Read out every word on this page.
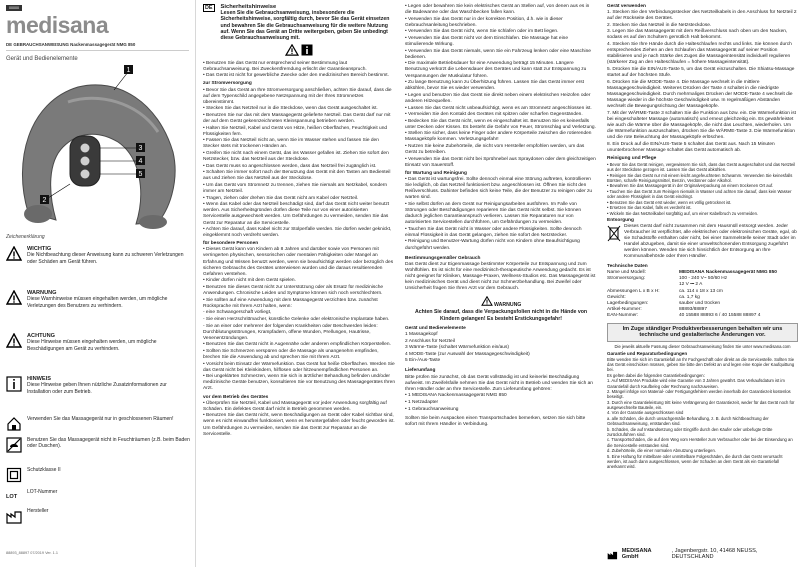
00000
medisana
DE GEBRAUCHSANWEISUNG Nackenmassagegerät NMG 850
Gerät und Bedienelemente
1
3
4
5
2
Zeichenerklärung
WICHTIG
Die Nichtbeachtung dieser Anweisung kann zu schweren Verletzungen oder Schäden am Gerät führen.
WARNUNG
Diese Warnhinweise müssen eingehalten werden, um mögliche Verletzungen des Benutzers zu verhindern.
ACHTUNG
Diese Hinweise müssen eingehalten werden, um mögliche Beschädigungen am Gerät zu verhindern.
HINWEIS
Diese Hinweise geben Ihnen nützliche Zusatzinformationen zur Installation oder zum Betrieb.
Verwenden Sie das Massagegerät nur in geschlossenen Räumen!
Benutzen Sie das Massagegerät nicht in Feuchträumen (z.B. beim Baden oder Duschen).
Schutzklasse II
LOT
LOT-Nummer
Hersteller
88893_88897 07/2019 Ver. 1.1
DE	Sicherheitshinweise
Lesen Sie die Gebrauchsanweisung, insbesondere die Sicherheitshinweise, sorgfältig durch, bevor Sie das Gerät einsetzen und bewahren Sie die Gebrauchsanweisung für die weitere Nutzung auf. Wenn Sie das Gerät an Dritte weitergeben, geben Sie unbedingt diese Gebrauchsanweisung mit.

• Benutzen Sie das Gerät nur entsprechend seiner Bestimmung laut Gebrauchsanweisung. Bei Zweckentfremdung erlischt der Garantieanspruch.

• Das Gerät ist nicht für gewerbliche Zwecke oder den medizinischen Bereich bestimmt.

zur Stromversorgung

• Bevor Sie das Gerät an Ihre Stromversorgung anschließen, achten Sie darauf, dass die auf dem Typenschild angegebene Netzspannung mit der Ihres Stromnetzes übereinstimmt.

• Stecken Sie das Netzteil nur in die Steckdose, wenn das Gerät ausgeschaltet ist.

• Benutzen Sie nur das mit dem Massagegerät gelieferte Netzteil. Das Gerät darf nur mit der auf dem Gerät gekennzeichneten Kleinspannung betrieben werden.

• Halten Sie Netzteil, Kabel und Gerät von Hitze, heißen Oberflächen, Feuchtigkeit und Flüssigkeiten fern.

• Fassen Sie das Netzteil nicht an, wenn Sie im Wasser stehen und fassen Sie den Stecker stets mit trockenen Händen an.

• Greifen Sie nicht nach einem Gerät, das ins Wasser gefallen ist. Ziehen Sie sofort den Netzstecker, bzw. das Netzteil aus der Steckdose.

• Das Gerät muss so angeschlossen werden, dass das Netzteil frei zugänglich ist.

• Schalten Sie immer sofort nach der Benutzung das Gerät mit den Tasten am Bedienteil aus und ziehen Sie das Netzteil aus der Steckdose.

• Um das Gerät vom Stromnetz zu trennen, ziehen Sie niemals am Netzkabel, sondern immer am Netzteil.

• Tragen, ziehen oder drehen Sie das Gerät nicht am Kabel oder Netzteil.

• Wenn das Kabel oder das Netzteil beschädigt sind, darf das Gerät nicht weiter benutzt werden. Aus Sicherheitsgründen dürfen diese Teile nur von einer autorisierten Servicestelle ausgewechselt werden. Um Gefährdungen zu vermeiden, senden Sie das Gerät zur Reparatur an die Servicestelle.

• Achten Sie darauf, dass Kabel nicht zur Stolperfalle werden. Sie dürfen weder geknickt, eingeklemmt noch verdreht werden.

für besondere Personen

• Dieses Gerät kann von Kindern ab 8 Jahren und darüber sowie von Personen mit verringerten physischen, sensorischen oder mentalen Fähigkeiten oder Mangel an Erfahrung und Wissen benutzt werden, wenn sie beaufsichtigt werden oder bezüglich des sicheren Gebrauchs des Gerätes unterwiesen wurden und die daraus resultierenden Gefahren verstehen.

• Kinder dürfen nicht mit dem Gerät spielen.

• Benutzen Sie dieses Gerät nicht zur Unterstützung oder als Ersatz für medizinische Anwendungen. Chronische Leiden und Symptome können sich noch verschlechtern.

• Sie sollten auf eine Anwendung mit dem Massagegerät verzichten bzw. zunächst Rücksprache mit Ihrem Arzt halten, wenn:

- eine Schwangerschaft vorliegt,

- Sie einen Herzschrittmacher, künstliche Gelenke oder elektronische Implantate haben.

- Sie an einer oder mehrerer der folgenden Krankheiten oder Beschwerden leiden: Durchblutungsstörungen, Krampfadern, offene Wunden, Prellungen, Hautrisse, Venenentzündungen.

• Benutzen Sie das Gerät nicht in Augennähe oder anderen empfindlichen Körperstellen.

• Sollten Sie Schmerzen verspüren oder die Massage als unangenehm empfinden, brechen Sie die Anwendung ab und sprechen Sie mit Ihrem Arzt.

• Vorsicht beim Einsatz der Wärmefunktion. Das Gerät hat heiße Oberflächen. Werden Sie das Gerät nicht bei Kleinkindern, hilflosen oder hitzeunempfindlichen Personen an.

• Bei ungeklärten Schmerzen, wenn Sie sich in ärztlicher Behandlung befinden und/oder medizinische Geräte benutzen, konsultieren Sie vor Benutzung des Massagegerätes Ihren Arzt.

vor dem Betrieb des Gerätes

• Überprüfen Sie Netzteil, Kabel und Massagegerät vor jeder Anwendung sorgfältig auf Schäden. Ein defektes Gerät darf nicht in Betrieb genommen werden.

• Benutzen Sie das Gerät nicht, wenn Beschädigungen an Gerät oder Kabel sichtbar sind, wenn es nicht einwandfrei funktioniert, wenn es heruntergefallen oder feucht geworden ist. Um Gefährdungen zu vermeiden, senden Sie das Gerät zur Reparatur an die Servicestelle.

• Legen oder bewahren Sie kein elektrisches Gerät an Stellen auf, von denen aus es in die Badewanne oder das Waschbecken fallen kann.

• Verwenden Sie das Gerät nur in der korrekten Position, d.h. wie in dieser Gebrauchsanleitung beschrieben.

• Verwenden Sie das Gerät nicht, wenn Sie schlafen oder im Bett liegen.

• Verwenden Sie das Gerät nicht vor dem Einschlafen. Die Massage hat eine stimulierende Wirkung.

• Verwenden Sie das Gerät niemals, wenn Sie ein Fahrzeug lenken oder eine Maschine bedienen.

• Die maximale Betriebsdauer für eine Anwendung beträgt 15 Minuten. Längere Benutzung verkürzt die Lebensdauer des Gerätes und kann statt zur Entspannung zu Verspannungen der Muskulatur führen.

• Zu lange Benutzung kann zu Überhitzung führen. Lassen Sie das Gerät immer erst abkühlen, bevor Sie es wieder verwenden.

• Legen und benutzen Sie das Gerät nie direkt neben einem elektrischen Heizofen oder anderen Hitzequellen.

• Lassen Sie das Gerät nicht unbeaufsichtigt, wenn es am Stromnetz angeschlossen ist.

• Vermeiden Sie den Kontakt des Gerätes mit spitzen oder scharfen Gegenständen.

• Bedecken Sie das Gerät nicht, wenn es eingeschaltet ist. Benutzen Sie es keinesfalls unter Decken oder Kissen. Es besteht die Gefahr von Feuer, Stromschlag und Verletzung.

• Stellen Sie sicher, dass keine Finger oder andere Körperteile zwischen die rotierenden Massageköpfe kommen. Verletzungsgefahr!

• Nutzen Sie keine Zubehörteile, die nicht vom Hersteller empfohlen werden, um das Gerät zu betreiben.

• Verwenden Sie das Gerät nicht bei Sprühnebel aus Spraydosen oder dem gleichzeitigen Einsatz von Sauerstoff.

für Wartung und Reinigung

• Das Gerät ist wartungsfrei. Sollte dennoch einmal eine Störung auftreten, kontrollieren Sie lediglich, ob das Netzteil funktioniert bzw. angeschlossen ist. Öffnen Sie nicht den Reißverschluss. Dahinter befinden sich keine Teile, die der Benutzer zu reinigen oder zu warten sind.

• Sie selbst dürfen an dem Gerät nur Reinigungsarbeiten ausführen. Im Falle von Störungen oder Beschädigungen reparieren Sie das Gerät nicht selbst. Sie können dadurch jeglichen Garantieanspruch verlieren. Lassen Sie Reparaturen nur von autorisierten Servicestellen durchführen, um Gefährdungen zu vermeiden.

• Tauchen Sie das Gerät nicht in Wasser oder andere Flüssigkeiten. Sollte dennoch einmal Flüssigkeit in das Gerät gelangen, ziehen Sie sofort den Netzstecker.

• Reinigung und Benutzer-Wartung dürfen nicht von Kindern ohne Beaufsichtigung durchgeführt werden.

Bestimmungsgemäßer Gebrauch

Das Gerät dient zur Eigenmassage bestimmter Körperteile zur Entspannung und zum Wohlfühlen. Es ist nicht für eine medizinisch-therapeutische Anwendung gedacht. Es ist nicht geeignet für Kliniken, Massage-Praxen, Wellness-Studios etc. Das Massagegerät ist kein medizinisches Gerät und dient nicht zur Schmerzbehandlung. Bei Zweifel oder Unsicherheit fragen Sie Ihren Arzt vor dem Gebrauch.

WARNUNG
Achten Sie darauf, dass die Verpackungsfolien nicht in die Hände von Kindern gelangen! Es besteht Erstickungsgefahr!
Gerät und Bedienelemente

1 Massagekopf

2 Anschluss für Netzteil

3 Wärme-Taste (schaltet Wärmefunktion ein/aus)

4 MODE-Taste (zur Auswahl der Massagegeschwindigkeit)

5 Ein-/Aus-Taste

Lieferumfang

Bitte prüfen Sie zunächst, ob das Gerät vollständig ist und keinerlei Beschädigung aufweist. Im Zweifelsfalle nehmen Sie das Gerät nicht in Betrieb und wenden Sie sich an Ihren Händler oder an Ihre Servicestelle. Zum Lieferumfang gehören:

• 1 MEDISANA Nackenmassagegerät NMG 850

• 1 Netzadapter

• 1 Gebrauchsanweisung

Sollten Sie beim Auspacken einen Transportschaden bemerken, setzen Sie sich bitte sofort mit Ihrem Händler in Verbindung.

Gerät verwenden

1. Stecken Sie den Verbindungsstecker des Netzteilkabels in den Anschluss für Netzteil 2 auf der Rückseite des Gerätes.

2. Stecken Sie das Netzteil in die Netzsteckdose.

3. Legen Sie das Massagegerät mit dem Reißverschluss nach oben um den Nacken, sodass es auf den Schultern gemütlich Halt bekommt.

4. Stecken Sie Ihre Hände durch die Halteschlaufen rechts und links. Sie können durch entsprechendes Ziehen an den Schlaufen das Massagegerät auf seiner Position stabilisieren und je nach Stärke des Zuges die Massageintensität individuell regulieren (stärkerer Zug an den Halteschlaufen = höhere Massageintensität).

5. Drücken Sie die EIN/AUS-Taste 5, um das Gerät einzuschalten. Die Shiatsu-Massage startet auf der höchsten Stufe.

6. Drücken Sie die MODE-Taste 4. Die Massage wechselt in die mittlere Massagegeschwindigkeit. Weiteres Drücken der Taste 4 schaltet in die niedrigste Massagegeschwindigkeit. Durch mehrmaliges Drücken der MODE-Taste 4 wechselt die Massage wieder in die höchste Geschwindigkeit usw. In regelmäßigen Abständen wechselt die Bewegungsrichtung der Massageköpfe.

7. Mit der WÄRME-Taste 3 schalten Sie die Funktion aus bzw. ein. Die Wärmefunktion ist bei eingeschalteter Massage (automatisch) und erneut gleichzeitig ein. Es gewährleistet wie auch die Wärme über die Massageköpfe, die nicht das Leuchten, wiederholen. Um die Wärmefunktion auszuschalten, drücken Sie die WÄRME-Taste 3. Die Wärmefunktion und die rote Beleuchtung der Massageköpfe erlöschen.

8. Ein Druck auf die EIN/AUS-Taste 5 schaltet das Gerät aus. Nach 15 Minuten ununterbrochener Massage schaltet das Gerät automatisch ab.

Reinigung und Pflege

• Bevor Sie das Gerät reinigen, vergewissern Sie sich, dass das Gerät ausgeschaltet und das Netzteil aus der Steckdose gezogen ist. Lassen Sie das Gerät abkühlen.

• Reinigen Sie das Gerät nur mit einem leicht angefeuchteten Schwamm. Verwenden Sie keinesfalls Bürsten, scharfe Reinigungsmittel, Benzin, Verdünner oder Alkohol.

• Bewahren Sie das Massagegerät in der Originalverpackung an einem trockenen Ort auf.

• Tauchen Sie das Gerät zum Reinigen niemals in Wasser und achten Sie darauf, dass kein Wasser oder andere Flüssigkeit in das Gerät eindringt.

• Benutzen Sie das Gerät erst wieder, wenn es völlig getrocknet ist.

• Ersetzen Sie das Kabel, falls es verdreht ist.

• Wickeln Sie das Netzteilkabel sorgfältig auf, um einer Kabelbruch zu vermeiden.

Entsorgung

Dieses Gerät darf nicht zusammen mit dem Hausmüll entsorgt werden. Jeder Verbraucher ist verpflichtet, alle elektrischen oder elektronischen Geräte, egal, ob sie Schadstoffe enthalten oder nicht, bei einer Sammelstelle seiner Stadt oder im Handel abzugeben, damit sie einer umweltschonenden Entsorgung zugeführt werden können. Wenden Sie sich hinsichtlich der Entsorgung an Ihre Kommunalbehörde oder Ihren Händler.

Technische Daten
Name und Modell:	MEDISANA Nackenmassagegerät NMG 850
Stromversorgung:	100 - 240 V~ 50/60 Hz
12 V ⎓ 2 A
Abmessungen L x B x H:	ca. 114 x 18 x 13 cm
Gewicht:	ca. 1,7 kg
Lagerbedingungen:	sauber und trocken
Artikel-Nummer:	88893/88897
EAN-Nummer:	40 15588 88893 6 / 40 15588 88897 4
Im Zuge ständiger Produktverbesserungen behalten wir uns technische und gestalterische Änderungen vor.
Die jeweils aktuelle Fassung dieser Gebrauchsanweisung finden Sie unter www.medisana.com
Garantie und Reparaturbedingungen

Bitte wenden Sie sich im Garantiefall an Ihr Fachgeschäft oder direkt an die Servicestelle. Sollten Sie das Gerät einschicken müssen, geben Sie bitte den Defekt an und legen eine Kopie der Kaufquittung bei.

Es gelten dabei die folgenden Garantiebedingungen:

1. Auf MEDISANA Produkte wird eine Garantie von 3 Jahren gewährt. Das Verkaufsdatum ist im Garantiefall durch Kaufbeleg oder Rechnung nachzuweisen.

2. Mängel infolge von Material- oder Fertigungsfehlern werden innerhalb der Garantiezeit kostenlos beseitigt.

3. Durch eine Garantieleistung tritt keine Verlängerung der Garantiezeit, weder für das Gerät noch für ausgewechselte Bauteile, ein.

4. Von der Garantie ausgeschlossen sind

a. alle Schäden, die durch unsachgemäße Behandlung, z. B. durch Nichtbeachtung der Gebrauchsanweisung, entstanden sind.

b. Schäden, die auf Instandsetzung oder Eingriffe durch den Käufer oder unbefugte Dritte zurückzuführen sind.

c. Transportschäden, die auf dem Weg vom Hersteller zum Verbraucher oder bei der Einsendung an die Servicestelle entstanden sind.

d. Zubehörteile, die einer normalen Abnutzung unterliegen.

5. Eine Haftung für mittelbare oder unmittelbare Folgeschäden, die durch das Gerät verursacht werden, ist auch dann ausgeschlossen, wenn der Schaden an dem Gerät als ein Garantiefall anerkannt wird.

MEDISANA GmbH
, Jagenbergstr. 10, 41468 NEUSS, DEUTSCHLAND
